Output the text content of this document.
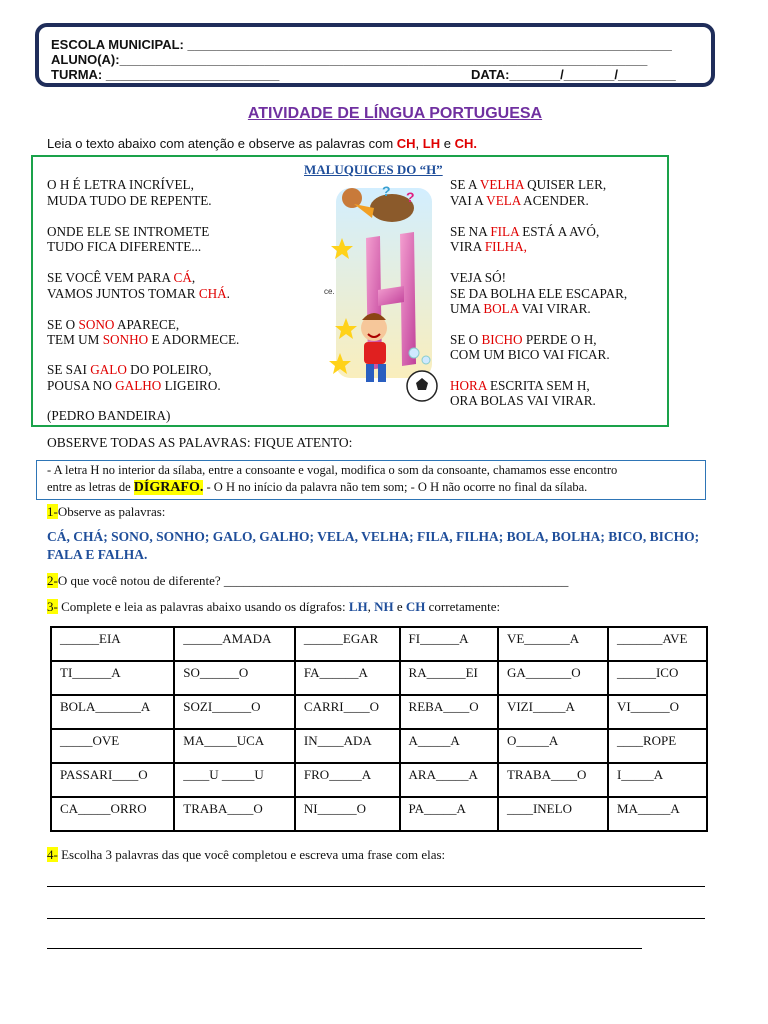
ESCOLA MUNICIPAL: ___________________________________________________________________
ALUNO(A):_________________________________________________________________________
TURMA: ________________________	DATA:_______/_______/________
ATIVIDADE DE LÍNGUA PORTUGUESA
Leia o texto abaixo com atenção e observe as palavras com CH, LH e CH.
MALUQUICES DO “H”
O H É LETRA INCRÍVEL,
MUDA TUDO DE REPENTE.
ONDE ELE SE INTROMETE
TUDO FICA DIFERENTE...
SE VOCÊ VEM PARA CÁ,
VAMOS JUNTOS TOMAR CHÁ.
SE O SONO APARECE,
TEM UM SONHO E ADORMECE.
SE SAI GALO DO POLEIRO,
POUSA NO GALHO LIGEIRO.
SE A VELHA QUISER LER,
VAI A VELA ACENDER.
SE NA FILA ESTÁ A AVÓ,
VIRA FILHA,
VEJA SÓ!
SE DA BOLHA ELE ESCAPAR,
UMA BOLA VAI VIRAR.
SE O BICHO PERDE O H,
COM UM BICO VAI FICAR.
HORA ESCRITA SEM H,
ORA BOLAS VAI VIRAR.
(PEDRO BANDEIRA)
? ?
ce.
OBSERVE TODAS AS PALAVRAS: FIQUE ATENTO:
- A letra H no interior da sílaba, entre a consoante e vogal, modifica o som da consoante, chamamos esse encontro
entre as letras de DÍGRAFO. - O H no início da palavra não tem som; - O H não ocorre no final da sílaba.
1-Observe as palavras:
CÁ, CHÁ; SONO, SONHO; GALO, GALHO; VELA, VELHA; FILA, FILHA; BOLA, BOLHA; BICO, BICHO; FALA E FALHA.
2-O que você notou de diferente? _____________________________________________________
3- Complete e leia as palavras abaixo usando os dígrafos: LH, NH e CH corretamente:
______EIA	______AMADA	______EGAR	FI______A	VE_______A	_______AVE

TI______A	SO______O	FA______A	RA______EI	GA_______O	______ICO

BOLA_______A	SOZI______O	CARRI____O	REBA____O	VIZI_____A	VI______O

_____OVE	MA_____UCA	IN____ADA	A_____A	O_____A	____ROPE

PASSARI____O	____U _____U	FRO_____A	ARA_____A	TRABA____O	I_____A

CA_____ORRO	TRABA____O	NI______O	PA_____A	____INELO	MA_____A
4- Escolha 3 palavras das que você completou e escreva uma frase com elas:
